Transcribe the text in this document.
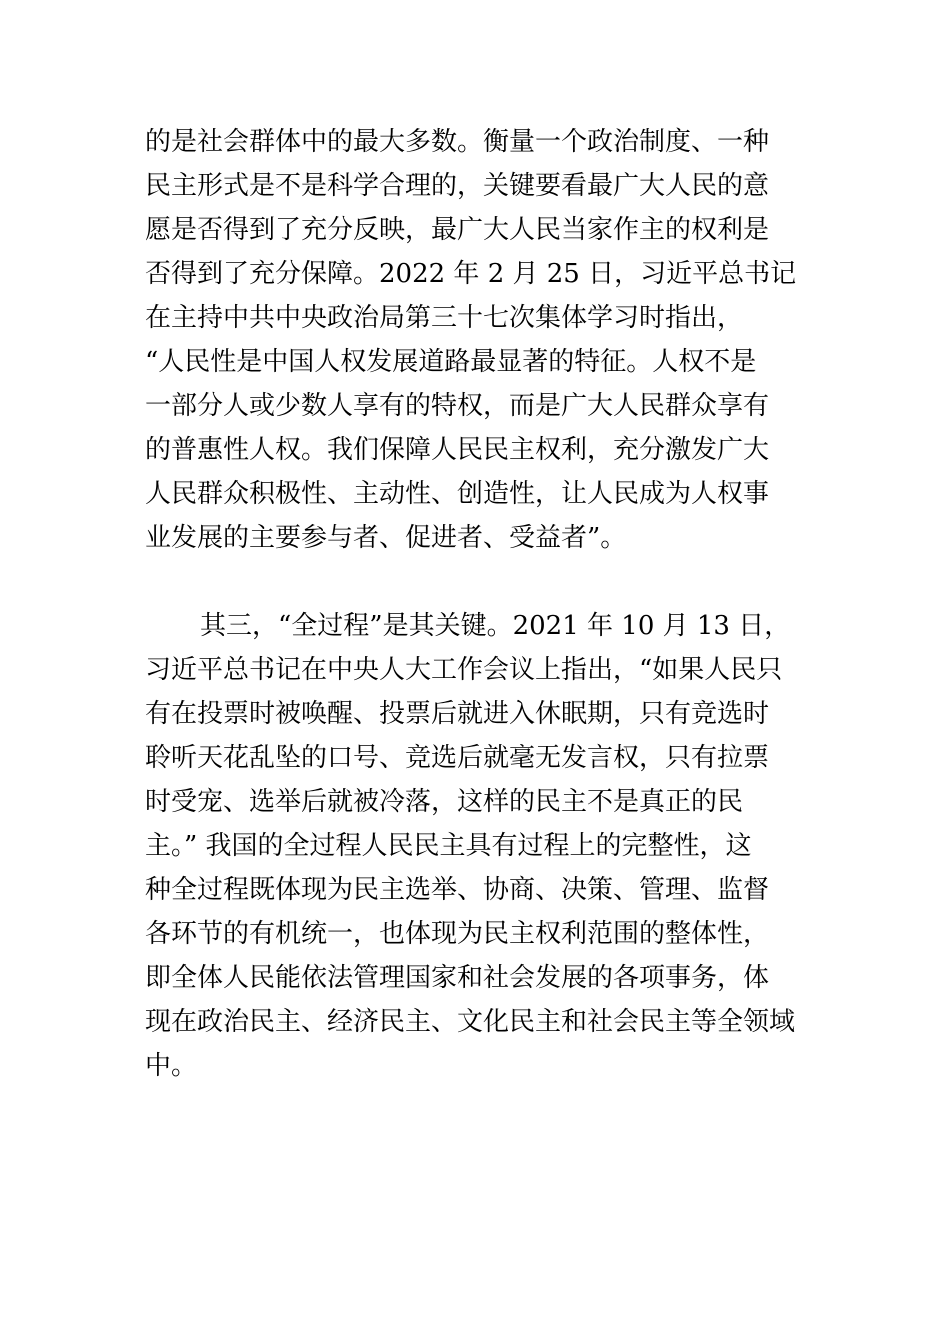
的是社会群体中的最大多数。衡量一个政治制度、一种
民主形式是不是科学合理的，关键要看最广大人民的意
愿是否得到了充分反映，最广大人民当家作主的权利是
否得到了充分保障。2022 年 2 月 25 日，习近平总书记
在主持中共中央政治局第三十七次集体学习时指出，
“人民性是中国人权发展道路最显著的特征。人权不是
一部分人或少数人享有的特权，而是广大人民群众享有
的普惠性人权。我们保障人民民主权利，充分激发广大
人民群众积极性、主动性、创造性，让人民成为人权事
业发展的主要参与者、促进者、受益者”。
其三，“全过程”是其关键。2021 年 10 月 13 日，
习近平总书记在中央人大工作会议上指出，“如果人民只
有在投票时被唤醒、投票后就进入休眠期，只有竞选时
聆听天花乱坠的口号、竞选后就毫无发言权，只有拉票
时受宠、选举后就被冷落，这样的民主不是真正的民
主。” 我国的全过程人民民主具有过程上的完整性，这
种全过程既体现为民主选举、协商、决策、管理、监督
各环节的有机统一，也体现为民主权利范围的整体性，
即全体人民能依法管理国家和社会发展的各项事务，体
现在政治民主、经济民主、文化民主和社会民主等全领域
中。
